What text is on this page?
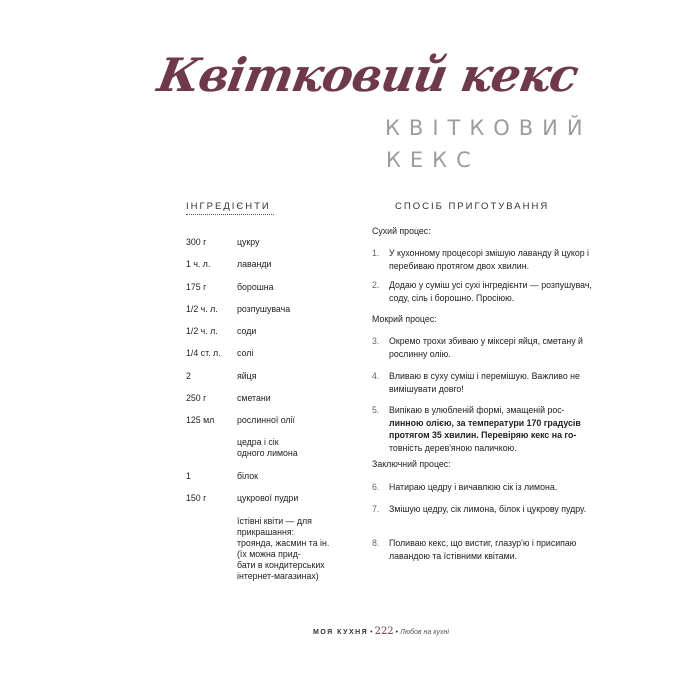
Квітковий кекс
КВІТКОВИЙ
КЕКС
ІНГРЕДІЄНТИ
300 г	цукру
1 ч. л.	лаванди
175 г	борошна
1/2 ч. л.	розпушувача
1/2 ч. л.	соди
1/4 ст. л.	солі
2	яйця
250 г	сметани
125 мл	рослинної олії
цедра і сік
одного лимона
1	білок
150 г	цукрової пудри
їстівні квіти — для
прикрашання:
троянда, жасмин та ін.
(їх можна прид-
бати в кондитерських
інтернет-магазинах)
СПОСІБ ПРИГОТУВАННЯ
Сухий процес:
1. У кухонному процесорі змішую лаванду й цукор і перебиваю протягом двох хвилин.
2. Додаю у суміш усі сухі інгредієнти — розпушувач, соду, сіль і борошно. Просіюю.
Мокрий процес:
3. Окремо трохи збиваю у міксері яйця, сметану й рослинну олію.
4. Вливаю в суху суміш і перемішую. Важливо не вимішувати довго!
5. Випікаю в улюбленій формі, змащеній рос- линною олією, за температури 170 градусів протягом 35 хвилин. Перевіряю кекс на го- товність дерев'яною паличкою.
Заключний процес:
6. Натираю цедру і вичавлюю сік із лимона.
7. Змішую цедру, сік лимона, білок і цукрову пудру.
8. Поливаю кекс, що вистиг, глазур'ю і присипаю лавандою та їстівними квітами.
МОЯ КУХНЯ • 222 • Любов на кухні
